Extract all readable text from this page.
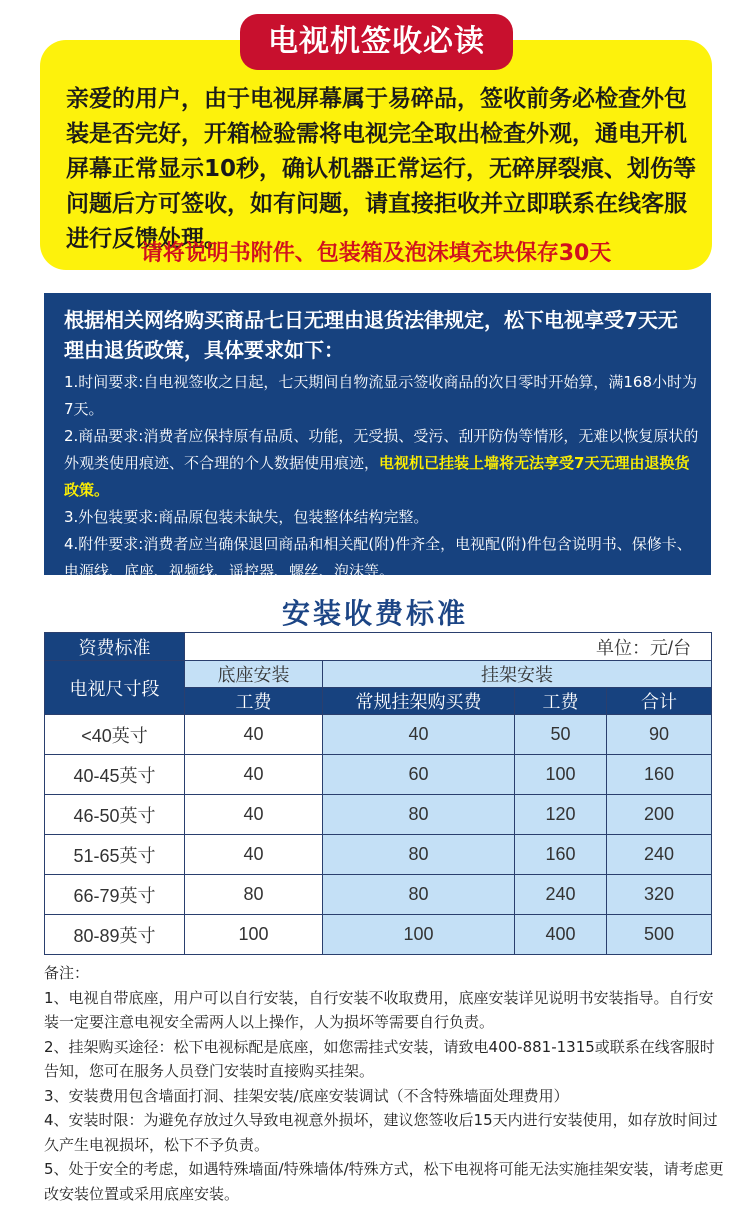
电视机签收必读
亲爱的用户，由于电视屏幕属于易碎品，签收前务必检查外包装是否完好，开箱检验需将电视完全取出检查外观，通电开机屏幕正常显示10秒，确认机器正常运行，无碎屏裂痕、划伤等问题后方可签收，如有问题，请直接拒收并立即联系在线客服进行反馈处理。
请将说明书附件、包装箱及泡沫填充块保存30天
根据相关网络购买商品七日无理由退货法律规定，松下电视享受7天无理由退货政策，具体要求如下：
1.时间要求:自电视签收之日起，七天期间自物流显示签收商品的次日零时开始算，满168小时为7天。
2.商品要求:消费者应保持原有品质、功能，无受损、受污、刮开防伪等情形，无难以恢复原状的外观类使用痕迹、不合理的个人数据使用痕迹，电视机已挂装上墙将无法享受7天无理由退换货政策。
3.外包装要求:商品原包装未缺失，包装整体结构完整。
4.附件要求:消费者应当确保退回商品和相关配(附)件齐全，电视配(附)件包含说明书、保修卡、电源线、底座、视频线、遥控器、螺丝、泡沫等。
安装收费标准
资费标准	单位：元/台			
电视尺寸段	底座安装	挂架安装		
	工费	常规挂架购买费	工费	合计
<40英寸	40	40	50	90
40-45英寸	40	60	100	160
46-50英寸	40	80	120	200
51-65英寸	40	80	160	240
66-79英寸	80	80	240	320
80-89英寸	100	100	400	500
备注：
1、电视自带底座，用户可以自行安装，自行安装不收取费用，底座安装详见说明书安装指导。自行安装一定要注意电视安全需两人以上操作，人为损坏等需要自行负责。
2、挂架购买途径：松下电视标配是底座，如您需挂式安装，请致电400-881-1315或联系在线客服时告知，您可在服务人员登门安装时直接购买挂架。
3、安装费用包含墙面打洞、挂架安装/底座安装调试（不含特殊墙面处理费用）
4、安装时限：为避免存放过久导致电视意外损坏，建议您签收后15天内进行安装使用，如存放时间过久产生电视损坏，松下不予负责。
5、处于安全的考虑，如遇特殊墙面/特殊墙体/特殊方式，松下电视将可能无法实施挂架安装，请考虑更改安装位置或采用底座安装。
